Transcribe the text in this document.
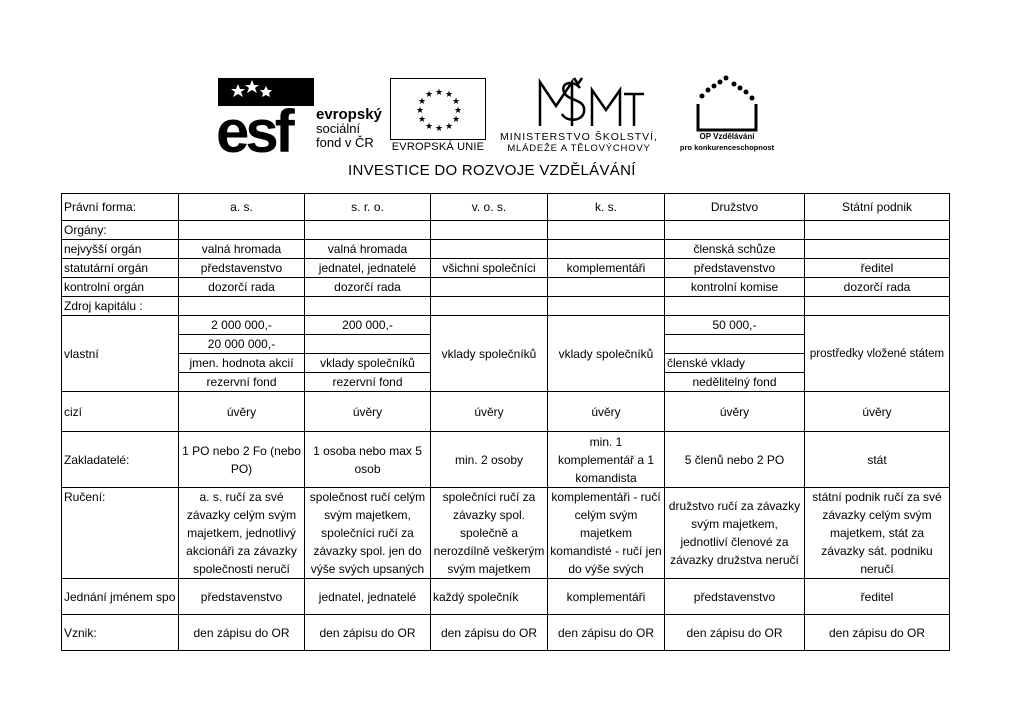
esf	evropský
sociální
fond v ČR
★ ★
★
★
★
★
★
★
★
★
★
★
EVROPSKÁ UNIE
MINISTERSTVO ŠKOLSTVÍ,
MLÁDEŽE A TĚLOVÝCHOVY
OP Vzdělávání
pro konkurenceschopnost
INVESTICE DO ROZVOJE VZDĚLÁVÁNÍ
Právní forma:	a. s.	s. r. o.	v. o. s.	k. s.	Družstvo	Státní podnik
Orgány:						
nejvyšší orgán	valná hromada	valná hromada			členská schůze	
statutární orgán	představenstvo	jednatel, jednatelé	všichni společníci	komplementáři	představenstvo	ředitel
kontrolní orgán	dozorčí rada	dozorčí rada			kontrolní komise	dozorčí rada
Zdroj kapitálu :						
vlastní	2 000 000,-	200 000,-	vklady společníků	vklady společníků	50 000,-	prostředky vložené státem
	20 000 000,-					
	jmen. hodnota akcií	vklady společníků			členské vklady	
	rezervní fond	rezervní fond			nedělitelný fond	
cizí	úvěry	úvěry	úvěry	úvěry	úvěry	úvěry
Zakladatelé:	1 PO nebo 2 Fo (nebo PO)	1 osoba nebo max 5 osob	min. 2 osoby	min. 1 komplementář a 1 komandista	5 členů nebo 2 PO	stát
Ručení:	a. s. ručí za své závazky celým svým majetkem, jednotlivý akcionáři za závazky společnosti neručí	společnost ručí celým svým majetkem, společníci ručí za závazky spol. jen do výše svých upsaných	společníci ručí za závazky spol. společně a nerozdílně veškerým svým majetkem	komplementáři - ručí celým svým majetkem komandisté - ručí jen do výše svých	družstvo ručí za závazky svým majetkem, jednotliví členové za závazky družstva neručí	státní podnik ručí za své závazky celým svým majetkem, stát za závazky sát. podniku neručí
Jednání jménem spo	představenstvo	jednatel, jednatelé	každý společník	komplementáři	představenstvo	ředitel
Vznik:	den zápisu do OR	den zápisu do OR	den zápisu do OR	den zápisu do OR	den zápisu do OR	den zápisu do OR
